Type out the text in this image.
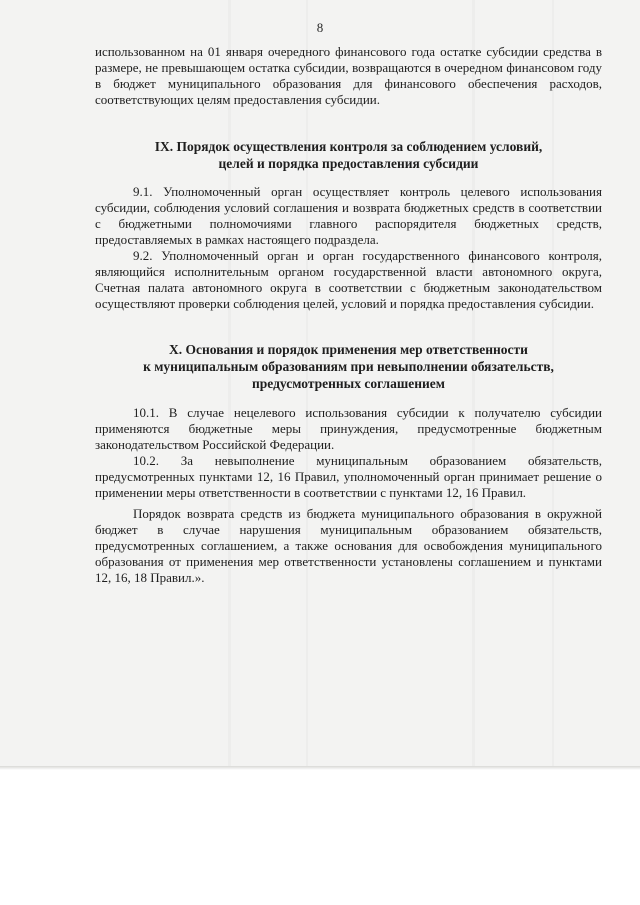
8

использованном на 01 января очередного финансового года остатке субсидии средства в размере, не превышающем остатка субсидии, возвращаются в очередном финансовом году в бюджет муниципального образования для финансового обеспечения расходов, соответствующих целям предоставления субсидии.

IX. Порядок осуществления контроля за соблюдением условий,
целей и порядка предоставления субсидии

9.1. Уполномоченный орган осуществляет контроль целевого использования субсидии, соблюдения условий соглашения и возврата бюджетных средств в соответствии с бюджетными полномочиями главного распорядителя бюджетных средств, предоставляемых в рамках настоящего подраздела.

9.2. Уполномоченный орган и орган государственного финансового контроля, являющийся исполнительным органом государственной власти автономного округа, Счетная палата автономного округа в соответствии с бюджетным законодательством осуществляют проверки соблюдения целей, условий и порядка предоставления субсидии.

X. Основания и порядок применения мер ответственности
к муниципальным образованиям при невыполнении обязательств,
предусмотренных соглашением

10.1. В случае нецелевого использования субсидии к получателю субсидии применяются бюджетные меры принуждения, предусмотренные бюджетным законодательством Российской Федерации.

10.2. За невыполнение муниципальным образованием обязательств, предусмотренных пунктами 12, 16 Правил, уполномоченный орган принимает решение о применении меры ответственности в соответствии с пунктами 12, 16 Правил.

Порядок возврата средств из бюджета муниципального образования в окружной бюджет в случае нарушения муниципальным образованием обязательств, предусмотренных соглашением, а также основания для освобождения муниципального образования от применения мер ответственности установлены соглашением и пунктами 12, 16, 18 Правил.».
